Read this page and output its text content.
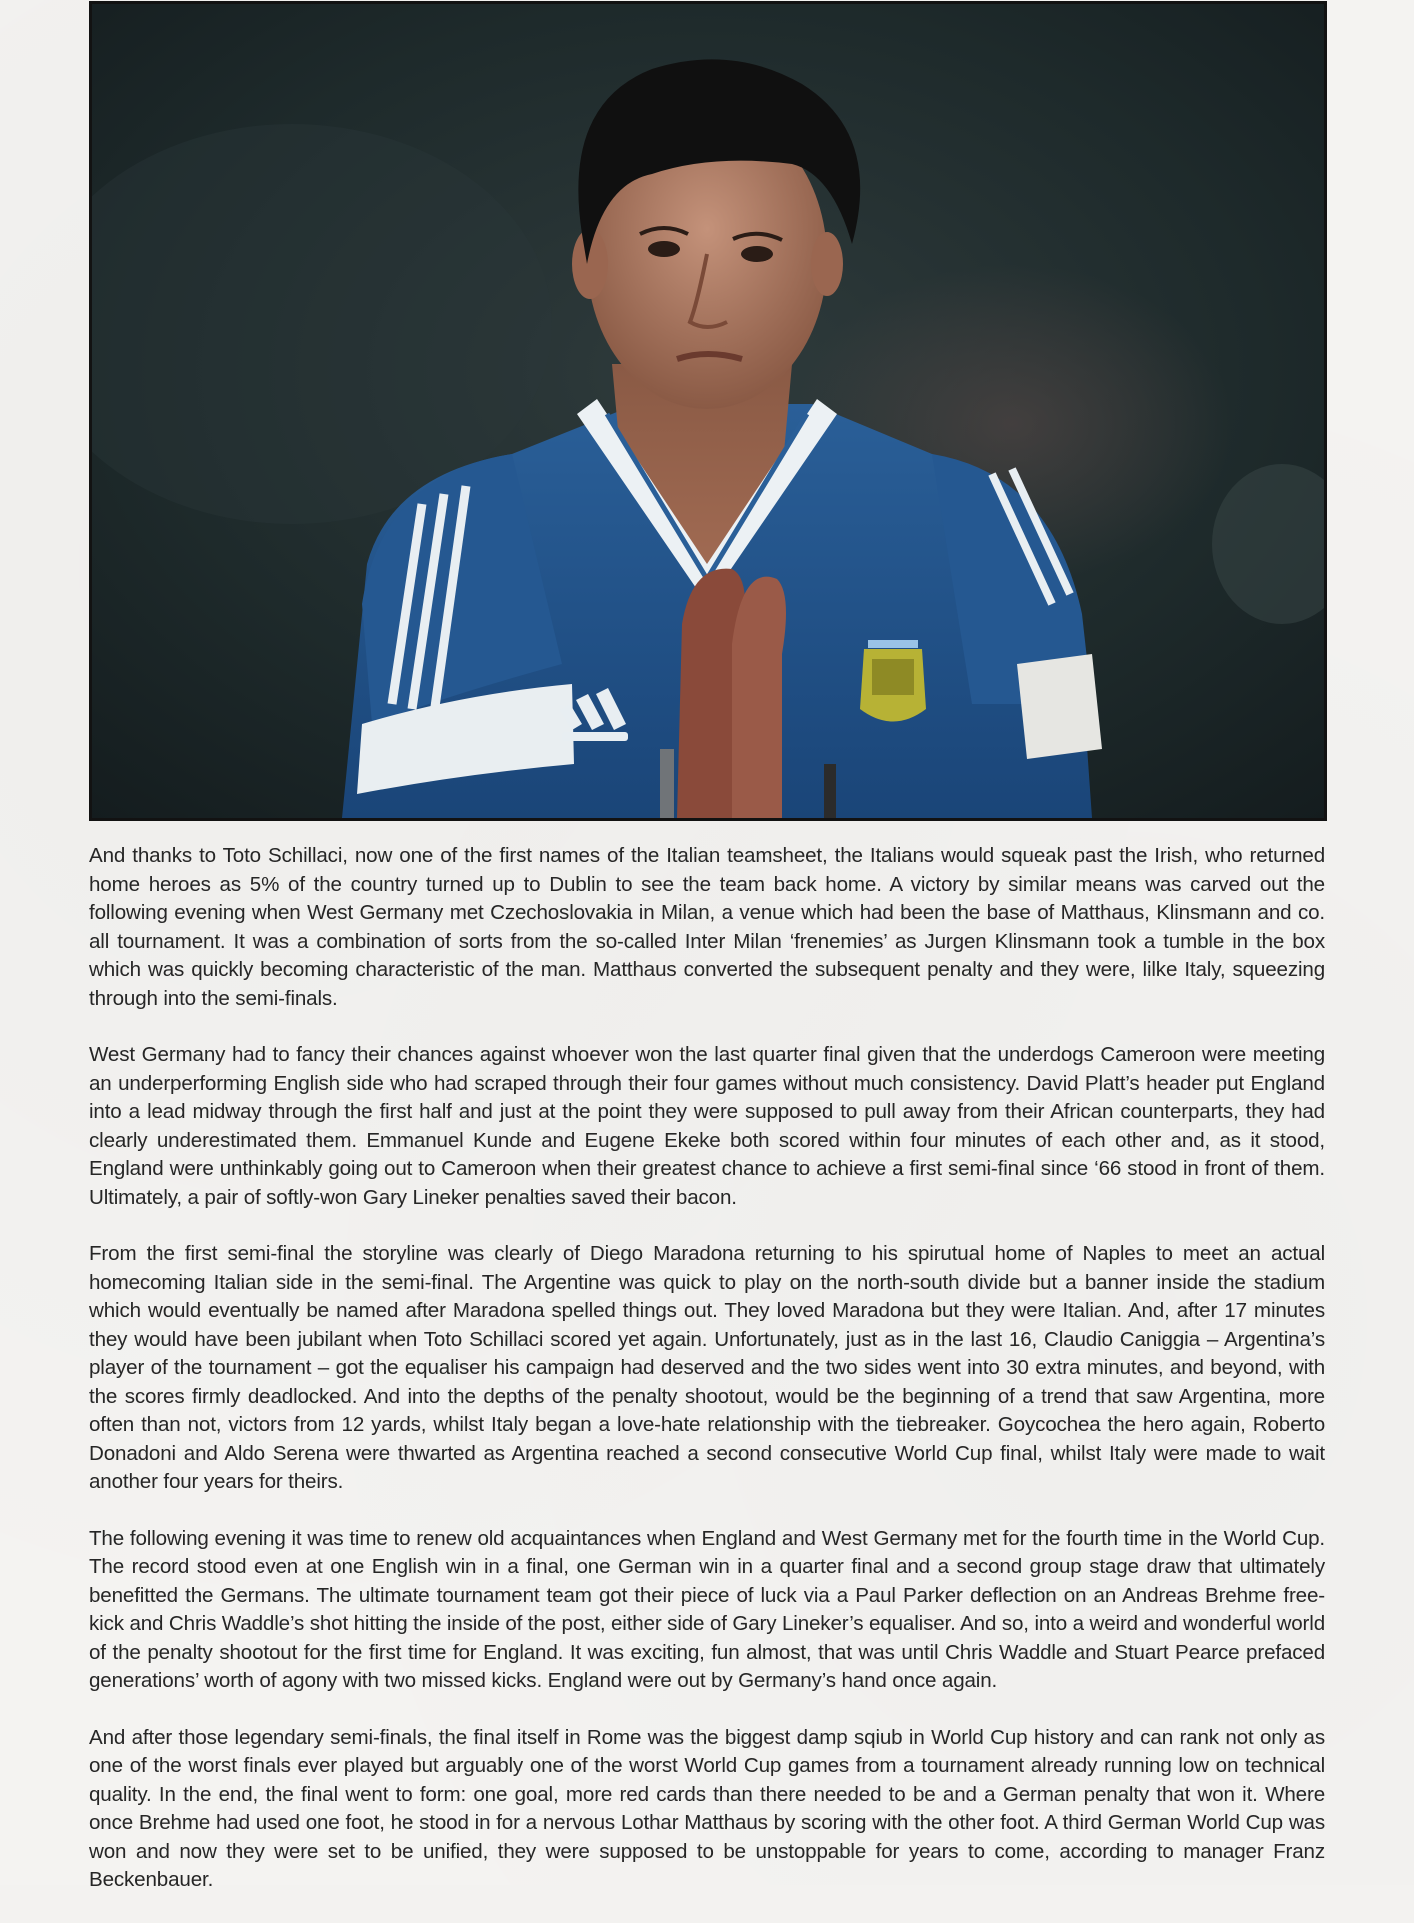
And thanks to Toto Schillaci, now one of the first names of the Italian teamsheet, the Italians would squeak past the Irish, who returned home heroes as 5% of the country turned up to Dublin to see the team back home. A victory by similar means was carved out the following evening when West Germany met Czechoslovakia in Milan, a venue which had been the base of Matthaus, Klinsmann and co. all tournament. It was a combination of sorts from the so-called Inter Milan ‘frenemies’ as Jurgen Klinsmann took a tumble in the box which was quickly becoming characteristic of the man. Matthaus converted the subsequent penalty and they were, lilke Italy, squeezing through into the semi-finals.

West Germany had to fancy their chances against whoever won the last quarter final given that the underdogs Cameroon were meeting an underperforming English side who had scraped through their four games without much consistency. David Platt’s header put England into a lead midway through the first half and just at the point they were supposed to pull away from their African counterparts, they had clearly underestimated them. Emmanuel Kunde and Eugene Ekeke both scored within four minutes of each other and, as it stood, England were unthinkably going out to Cameroon when their greatest chance to achieve a first semi-final since ‘66 stood in front of them. Ultimately, a pair of softly-won Gary Lineker penalties saved their bacon.

From the first semi-final the storyline was clearly of Diego Maradona returning to his spirutual home of Naples to meet an actual homecoming Italian side in the semi-final. The Argentine was quick to play on the north-south divide but a banner inside the stadium which would eventually be named after Maradona spelled things out. They loved Maradona but they were Italian. And, after 17 minutes they would have been jubilant when Toto Schillaci scored yet again. Unfortunately, just as in the last 16, Claudio Caniggia – Argentina’s player of the tournament – got the equaliser his campaign had deserved and the two sides went into 30 extra minutes, and beyond, with the scores firmly deadlocked. And into the depths of the penalty shootout, would be the beginning of a trend that saw Argentina, more often than not, victors from 12 yards, whilst Italy began a love-hate relationship with the tiebreaker. Goycochea the hero again, Roberto Donadoni and Aldo Serena were thwarted as Argentina reached a second consecutive World Cup final, whilst Italy were made to wait another four years for theirs.

The following evening it was time to renew old acquaintances when England and West Germany met for the fourth time in the World Cup. The record stood even at one English win in a final, one German win in a quarter final and a second group stage draw that ultimately benefitted the Germans. The ultimate tournament team got their piece of luck via a Paul Parker deflection on an Andreas Brehme free-kick and Chris Waddle’s shot hitting the inside of the post, either side of Gary Lineker’s equaliser. And so, into a weird and wonderful world of the penalty shootout for the first time for England. It was exciting, fun almost, that was until Chris Waddle and Stuart Pearce prefaced generations’ worth of agony with two missed kicks. England were out by Germany’s hand once again.

And after those legendary semi-finals, the final itself in Rome was the biggest damp sqiub in World Cup history and can rank not only as one of the worst finals ever played but arguably one of the worst World Cup games from a tournament already running low on technical quality. In the end, the final went to form: one goal, more red cards than there needed to be and a German penalty that won it. Where once Brehme had used one foot, he stood in for a nervous Lothar Matthaus by scoring with the other foot. A third German World Cup was won and now they were set to be unified, they were supposed to be unstoppable for years to come, according to manager Franz Beckenbauer.
